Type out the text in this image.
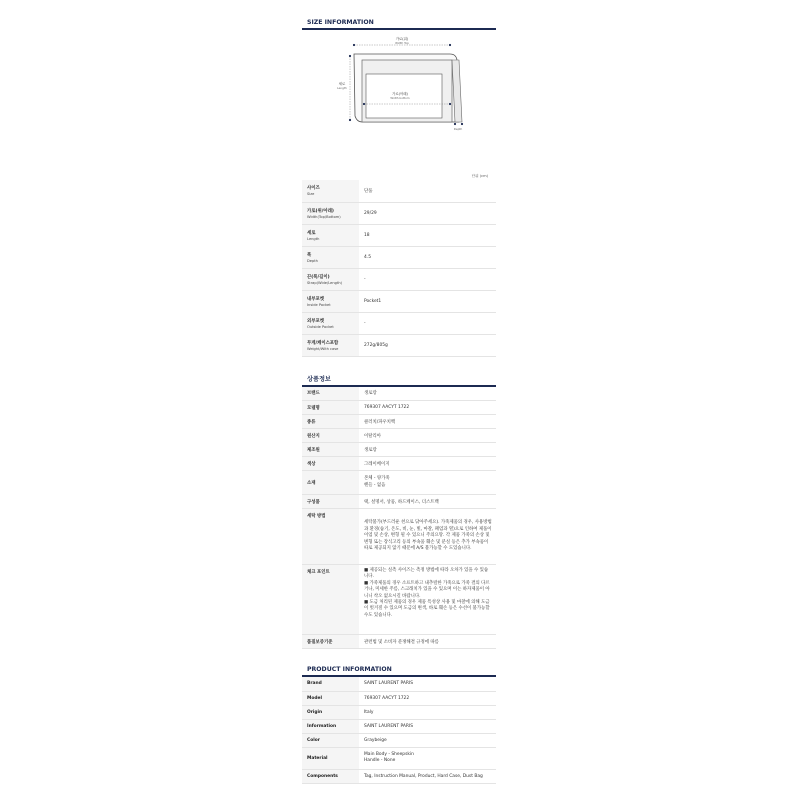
SIZE INFORMATION
가로(위)
Width Top
세로
Length
가로(아래)
Width bottom
Depth
단위 (cm)
사이즈
Size	단품
가로(위/아래)
Width(Top/Bottom)	29/29
세로
Length	18
폭
Depth	4.5
끈(폭/길이)
Strap(Wide/Length)	-
내부포켓
Inside Pocket	Pocket1
외부포켓
Outside Pocket	-
무게/케이스포함
Weight/With case	272g/805g
상품정보
브랜드	생로랑
모델명	769307 AACYT 1722
종류	클러치/파우치백
원산지	이탈리아
제조원	생로랑
색상	그레이베이지
소재	본체 - 양가죽
핸들 - 없음

구성품	택, 설명서, 상품, 하드케이스, 더스트백
세탁 방법	세탁불가(부드러운 천으로 닦아주세요). 가죽제품의 경우, 사용방법과 환경(습기, 온도, 비, 눈, 빛, 마찰, 패염과 열)으로 인하여 제품이 이염 및 손상, 변형 될 수 있으니 주의요망. 각 제품 가죽의 손상 및 변형 또는 장식고리 등의 부속품 훼손 및 분실 등은 추가 부속품이 따로 제공되지 않기 때문에 A/S 불가능할 수 도있습니다.

체크 포인트	■ 제공되는 실측 사이즈는 측정 방법에 따라 오차가 있을 수 있습니다.
■ 가죽제품의 경우 소프트하고 내추럴한 가죽으로 가죽 결의 다르거나, 미세한 주름, 스크래치가 있을 수 있으며 이는 하자제품이 아니니 착오 없으시길 바랍니다.
■ 도금 처리된 제품의 경우 제품 특성상 사용 및 마찰에 의해 도금이 벗겨질 수 있으며 도금의 변색, 바로 훼손 등은 수선이 불가능할 수도 있습니다.

품질보증기준	관련법 및 소비자 분쟁해결 규정에 따름
PRODUCT INFORMATION
Brand	SAINT LAURENT PARIS
Model	769307 AACYT 1722
Origin	Italy
Information	SAINT LAURENT PARIS
Color	Graybeige
Material	Main Body - Sheepskin
Handle - None

Components	Tag, Instruction Manual, Product, Hard Case, Dust Bag
